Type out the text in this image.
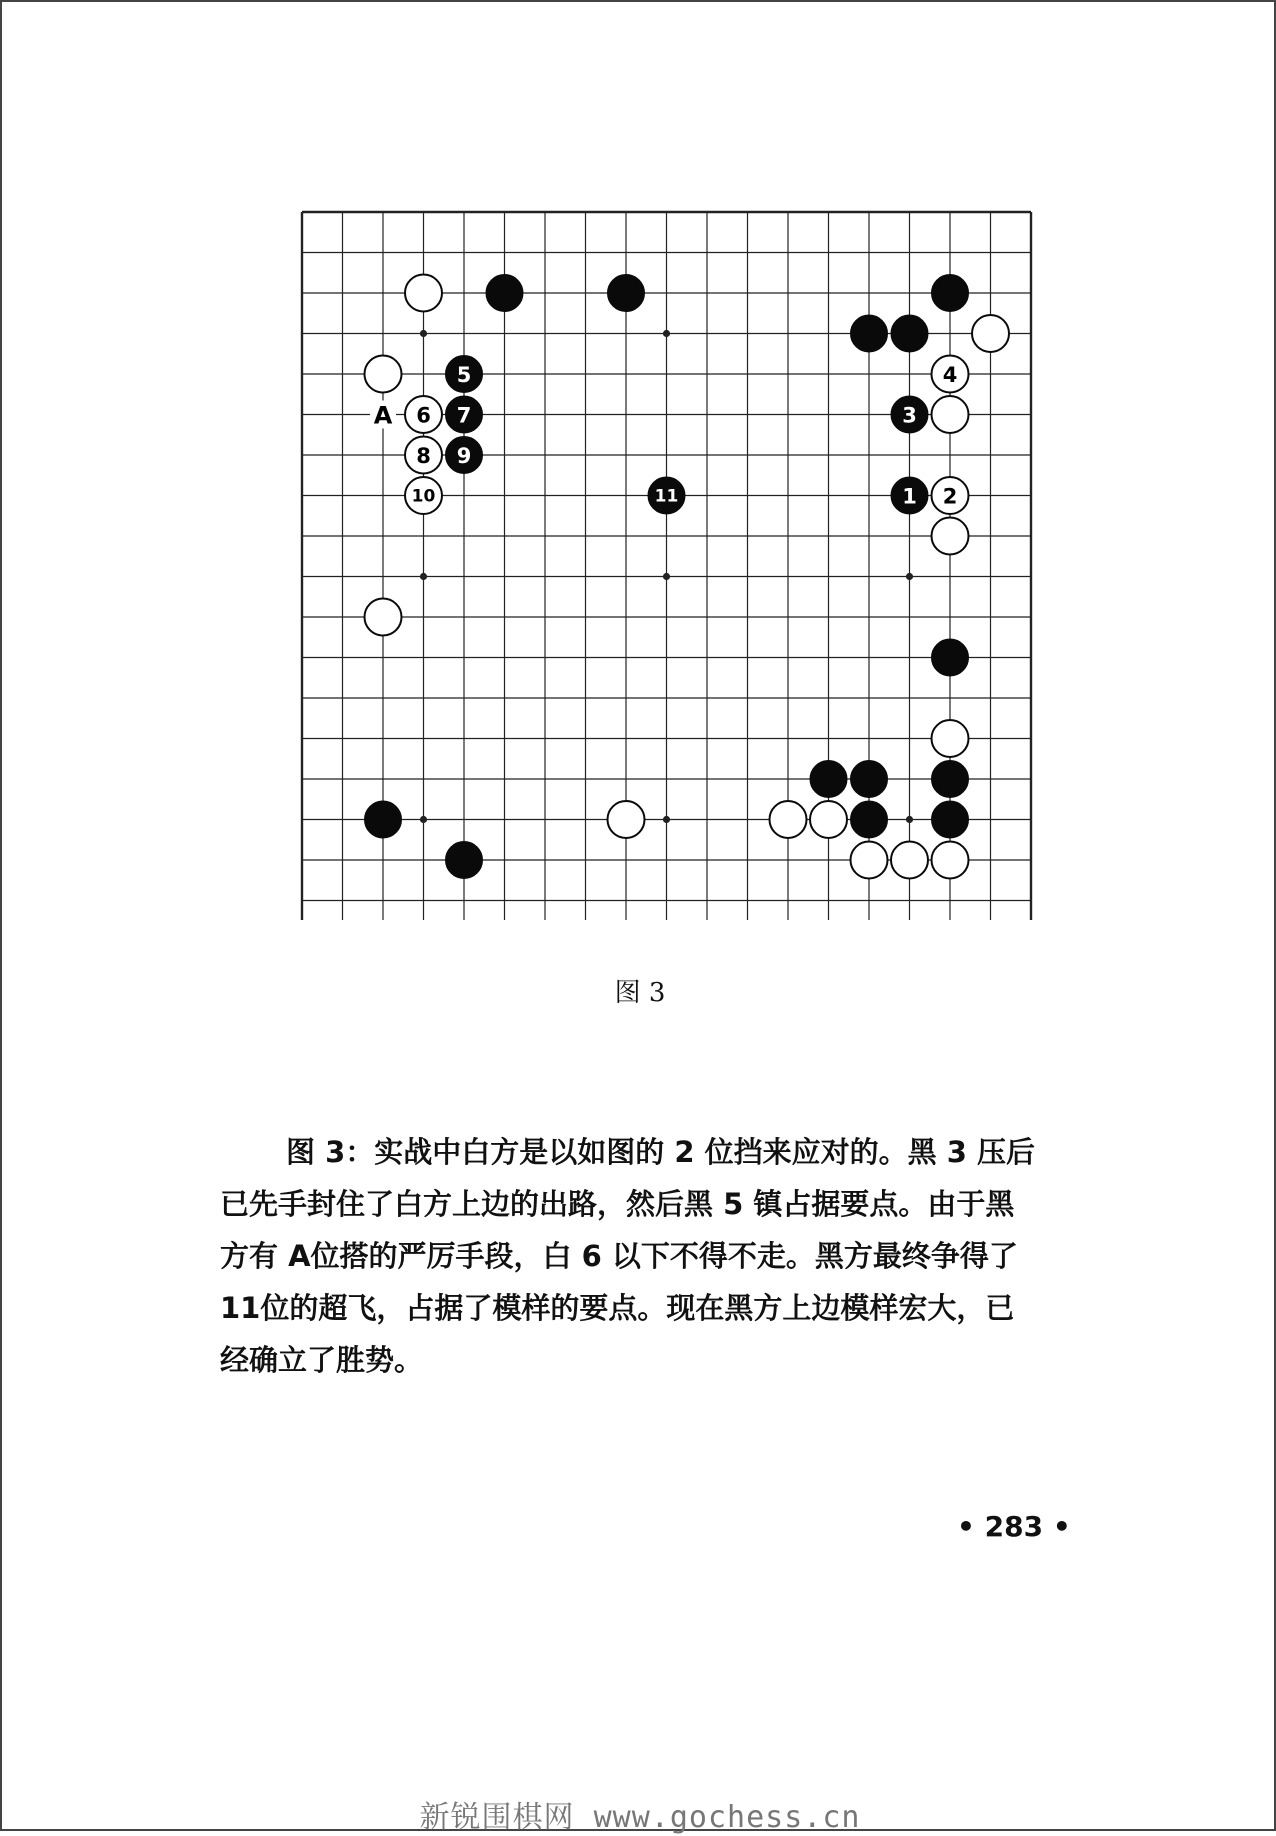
5	4
6 7	3
8 9
10	11	1 2
A
图 3

图 3：实战中白方是以如图的 2 位挡来应对的。黑 3 压后

已先手封住了白方上边的出路，然后黑 5 镇占据要点。由于黑

方有 A位搭的严厉手段，白 6 以下不得不走。黑方最终争得了

11位的超飞，占据了模样的要点。现在黑方上边模样宏大，已

经确立了胜势。

• 283 •
新锐围棋网 www.gochess.cn
